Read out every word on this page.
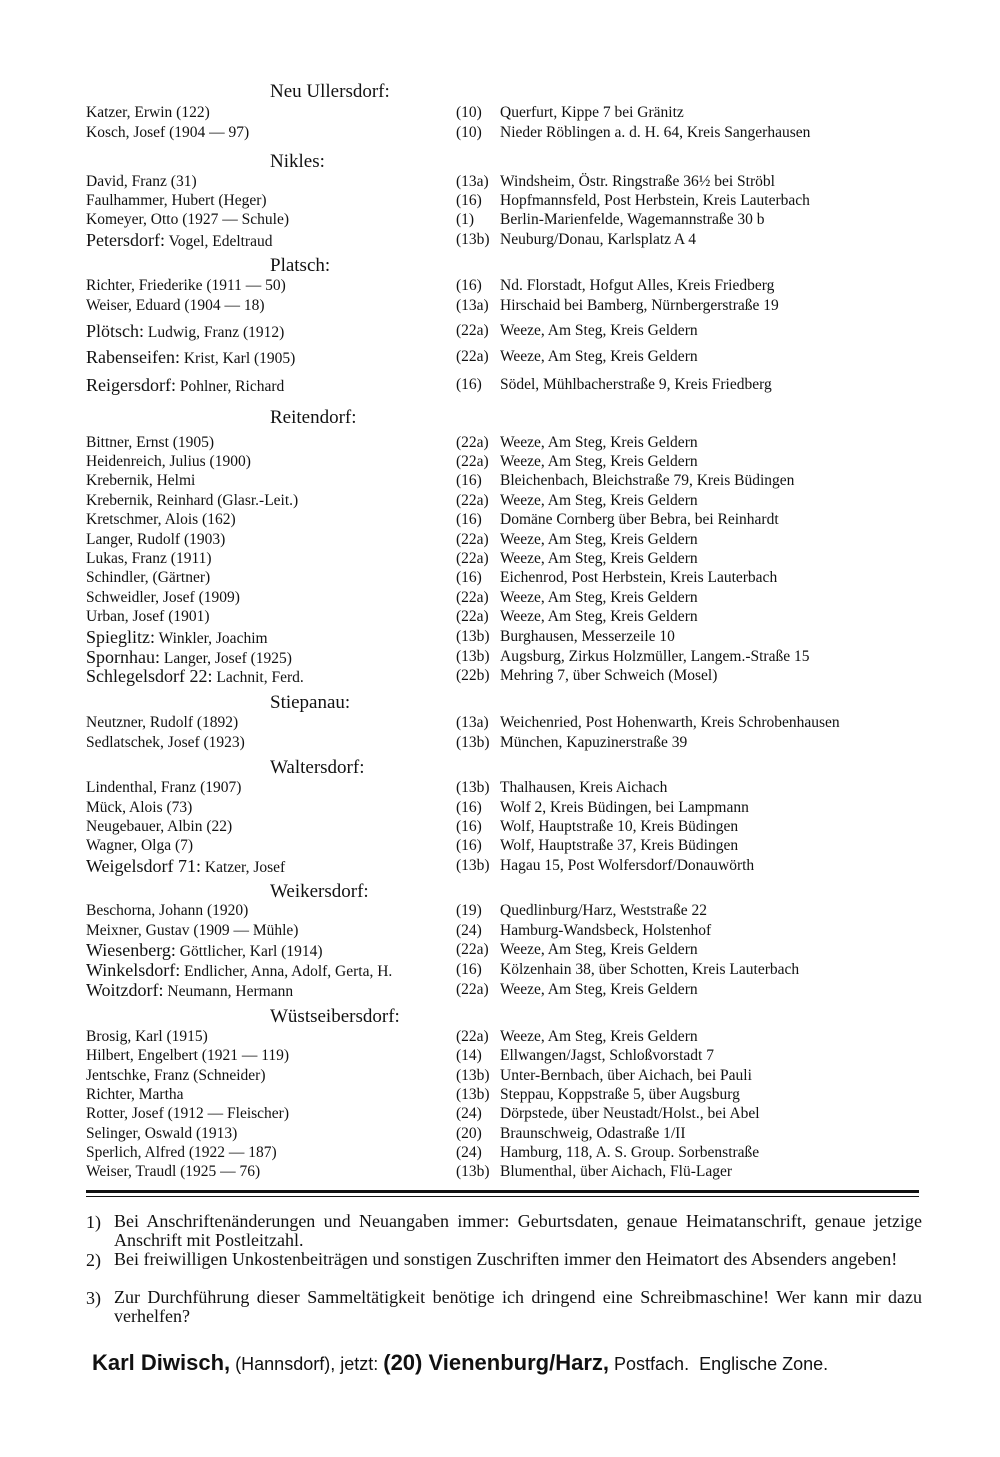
Neu Ullersdorf:
Katzer, Erwin (122)	(10) Querfurt, Kippe 7 bei Gränitz
Kosch, Josef (1904 — 97)	(10) Nieder Röblingen a. d. H. 64, Kreis Sangerhausen
Nikles:
David, Franz (31)	(13a) Windsheim, Östr. Ringstraße 36½ bei Ströbl
Faulhammer, Hubert (Heger)	(16) Hopfmannsfeld, Post Herbstein, Kreis Lauterbach
Komeyer, Otto (1927 — Schule)	(1) Berlin-Marienfelde, Wagemannstraße 30 b
Petersdorf: Vogel, Edeltraud	(13b) Neuburg/Donau, Karlsplatz A 4
Platsch:
Richter, Friederike (1911 — 50)	(16) Nd. Florstadt, Hofgut Alles, Kreis Friedberg
Weiser, Eduard (1904 — 18)	(13a) Hirschaid bei Bamberg, Nürnbergerstraße 19
Plötsch: Ludwig, Franz (1912)	(22a) Weeze, Am Steg, Kreis Geldern
Rabenseifen: Krist, Karl (1905)	(22a) Weeze, Am Steg, Kreis Geldern
Reigersdorf: Pohlner, Richard	(16) Södel, Mühlbacherstraße 9, Kreis Friedberg
Reitendorf:
Bittner, Ernst (1905)	(22a) Weeze, Am Steg, Kreis Geldern
Heidenreich, Julius (1900)	(22a) Weeze, Am Steg, Kreis Geldern
Krebernik, Helmi	(16) Bleichenbach, Bleichstraße 79, Kreis Büdingen
Krebernik, Reinhard (Glasr.-Leit.)	(22a) Weeze, Am Steg, Kreis Geldern
Kretschmer, Alois (162)	(16) Domäne Cornberg über Bebra, bei Reinhardt
Langer, Rudolf (1903)	(22a) Weeze, Am Steg, Kreis Geldern
Lukas, Franz (1911)	(22a) Weeze, Am Steg, Kreis Geldern
Schindler, (Gärtner)	(16) Eichenrod, Post Herbstein, Kreis Lauterbach
Schweidler, Josef (1909)	(22a) Weeze, Am Steg, Kreis Geldern
Urban, Josef (1901)	(22a) Weeze, Am Steg, Kreis Geldern
Spieglitz: Winkler, Joachim	(13b) Burghausen, Messerzeile 10
Spornhau: Langer, Josef (1925)	(13b) Augsburg, Zirkus Holzmüller, Langem.-Straße 15
Schlegelsdorf 22: Lachnit, Ferd.	(22b) Mehring 7, über Schweich (Mosel)
Stiepanau:
Neutzner, Rudolf (1892)	(13a) Weichenried, Post Hohenwarth, Kreis Schrobenhausen
Sedlatschek, Josef (1923)	(13b) München, Kapuzinerstraße 39
Waltersdorf:
Lindenthal, Franz (1907)	(13b) Thalhausen, Kreis Aichach
Mück, Alois (73)	(16) Wolf 2, Kreis Büdingen, bei Lampmann
Neugebauer, Albin (22)	(16) Wolf, Hauptstraße 10, Kreis Büdingen
Wagner, Olga (7)	(16) Wolf, Hauptstraße 37, Kreis Büdingen
Weigelsdorf 71: Katzer, Josef	(13b) Hagau 15, Post Wolfersdorf/Donauwörth
Weikersdorf:
Beschorna, Johann (1920)	(19) Quedlinburg/Harz, Weststraße 22
Meixner, Gustav (1909 — Mühle)	(24) Hamburg-Wandsbeck, Holstenhof
Wiesenberg: Göttlicher, Karl (1914)	(22a) Weeze, Am Steg, Kreis Geldern
Winkelsdorf: Endlicher, Anna, Adolf, Gerta, H.	(16) Kölzenhain 38, über Schotten, Kreis Lauterbach
Woitzdorf: Neumann, Hermann	(22a) Weeze, Am Steg, Kreis Geldern
Wüstseibersdorf:
Brosig, Karl (1915)	(22a) Weeze, Am Steg, Kreis Geldern
Hilbert, Engelbert (1921 — 119)	(14) Ellwangen/Jagst, Schloßvorstadt 7
Jentschke, Franz (Schneider)	(13b) Unter-Bernbach, über Aichach, bei Pauli
Richter, Martha	(13b) Steppau, Koppstraße 5, über Augsburg
Rotter, Josef (1912 — Fleischer)	(24) Dörpstede, über Neustadt/Holst., bei Abel
Selinger, Oswald (1913)	(20) Braunschweig, Odastraße 1/II
Sperlich, Alfred (1922 — 187)	(24) Hamburg, 118, A. S. Group. Sorbenstraße
Weiser, Traudl (1925 — 76)	(13b) Blumenthal, über Aichach, Flü-Lager
1) Bei Anschriftenänderungen und Neuangaben immer: Geburtsdaten, genaue Heimatanschrift, genaue jetzige Anschrift mit Postleitzahl.
2) Bei freiwilligen Unkostenbeiträgen und sonstigen Zuschriften immer den Heimatort des Absenders angeben!
3) Zur Durchführung dieser Sammeltätigkeit benötige ich dringend eine Schreibmaschine! Wer kann mir dazu verhelfen?
Karl Diwisch, (Hannsdorf), jetzt: (20) Vienenburg/Harz, Postfach. Englische Zone.
